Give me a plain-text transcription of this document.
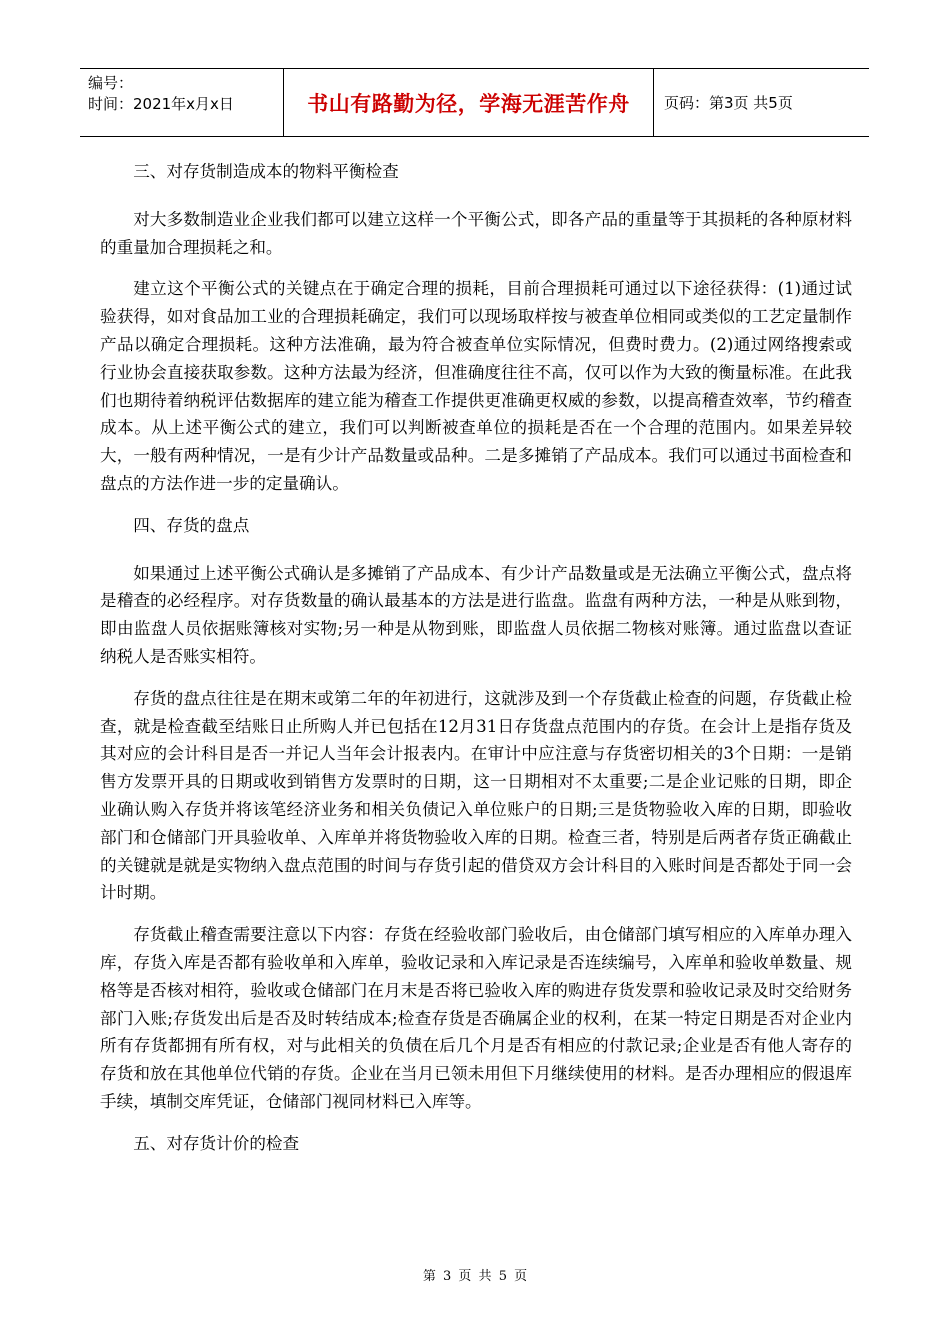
编号：
时间：2021年x月x日	书山有路勤为径，学海无涯苦作舟	页码：第3页 共5页

三、对存货制造成本的物料平衡检查

对大多数制造业企业我们都可以建立这样一个平衡公式，即各产品的重量等于其损耗的各种原材料的重量加合理损耗之和。

建立这个平衡公式的关键点在于确定合理的损耗，目前合理损耗可通过以下途径获得：(1)通过试验获得，如对食品加工业的合理损耗确定，我们可以现场取样按与被查单位相同或类似的工艺定量制作产品以确定合理损耗。这种方法准确，最为符合被查单位实际情况，但费时费力。(2)通过网络搜索或行业协会直接获取参数。这种方法最为经济，但准确度往往不高，仅可以作为大致的衡量标准。在此我们也期待着纳税评估数据库的建立能为稽查工作提供更准确更权威的参数，以提高稽查效率，节约稽查成本。从上述平衡公式的建立，我们可以判断被查单位的损耗是否在一个合理的范围内。如果差异较大，一般有两种情况，一是有少计产品数量或品种。二是多摊销了产品成本。我们可以通过书面检查和盘点的方法作进一步的定量确认。

四、存货的盘点

如果通过上述平衡公式确认是多摊销了产品成本、有少计产品数量或是无法确立平衡公式，盘点将是稽查的必经程序。对存货数量的确认最基本的方法是进行监盘。监盘有两种方法，一种是从账到物，即由监盘人员依据账簿核对实物;另一种是从物到账，即监盘人员依据二物核对账簿。通过监盘以查证纳税人是否账实相符。

存货的盘点往往是在期末或第二年的年初进行，这就涉及到一个存货截止检查的问题，存货截止检查，就是检查截至结账日止所购人并已包括在12月31日存货盘点范围内的存货。在会计上是指存货及其对应的会计科目是否一并记人当年会计报表内。在审计中应注意与存货密切相关的3个日期：一是销售方发票开具的日期或收到销售方发票时的日期，这一日期相对不太重要;二是企业记账的日期，即企业确认购入存货并将该笔经济业务和相关负债记入单位账户的日期;三是货物验收入库的日期，即验收部门和仓储部门开具验收单、入库单并将货物验收入库的日期。检查三者，特别是后两者存货正确截止的关键就是就是实物纳入盘点范围的时间与存货引起的借贷双方会计科目的入账时间是否都处于同一会计时期。

存货截止稽查需要注意以下内容：存货在经验收部门验收后，由仓储部门填写相应的入库单办理入库，存货入库是否都有验收单和入库单，验收记录和入库记录是否连续编号，入库单和验收单数量、规格等是否核对相符，验收或仓储部门在月末是否将已验收入库的购进存货发票和验收记录及时交给财务部门入账;存货发出后是否及时转结成本;检查存货是否确属企业的权利，在某一特定日期是否对企业内所有存货都拥有所有权，对与此相关的负债在后几个月是否有相应的付款记录;企业是否有他人寄存的存货和放在其他单位代销的存货。企业在当月已领未用但下月继续使用的材料。是否办理相应的假退库手续，填制交库凭证，仓储部门视同材料已入库等。

五、对存货计价的检查

第 3 页 共 5 页
